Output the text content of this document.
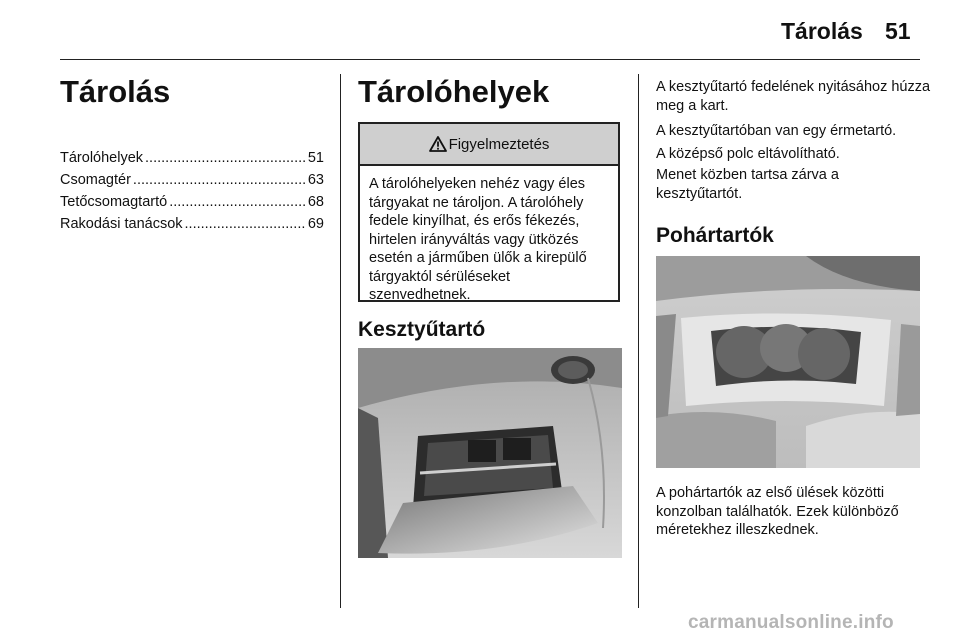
Tárolás 51
Tárolás
Tárolóhelyek .....	51
Csomagtér .....	63
Tetőcsomagtartó .....	68
Rakodási tanácsok .....	69
Tárolóhelyek
Figyelmeztetés
A tárolóhelyeken nehéz vagy éles tárgyakat ne tároljon. A tárolóhely fedele kinyílhat, és erős fékezés, hirtelen irányváltás vagy ütközés esetén a járműben ülők a kirepülő tárgyaktól sérüléseket szenvedhetnek.
Kesztyűtartó

A kesztyűtartó fedelének nyitásához húzza meg a kart.

A kesztyűtartóban van egy érmetartó.

A középső polc eltávolítható.

Menet közben tartsa zárva a kesztyűtartót.

Pohártartók

A pohártartók az első ülések közötti konzolban találhatók. Ezek különböző méretekhez illeszkednek.

carmanualsonline.info
